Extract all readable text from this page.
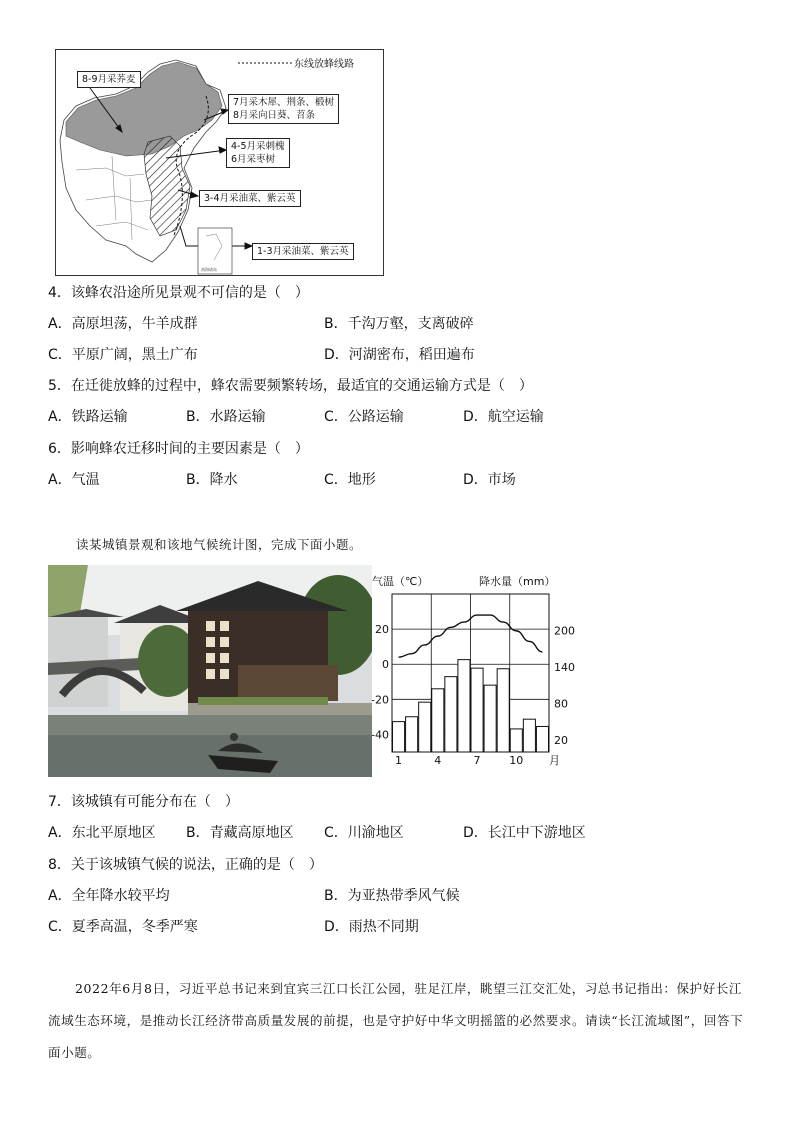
南海诸岛
东线放蜂线路
8-9月采荞麦
7月采木犀、荆条、椴树
8月采向日葵、苕条
4-5月采刺槐
6月采枣树
3-4月采油菜、紫云英
1-3月采油菜、紫云英
4．该蜂农沿途所见景观不可信的是（　）
A．高原坦荡，牛羊成群	B．千沟万壑，支离破碎
C．平原广阔，黑土广布	D．河湖密布，稻田遍布
5．在迁徙放蜂的过程中，蜂农需要频繁转场，最适宜的交通运输方式是（　）
A．铁路运输	B．水路运输	C．公路运输	D．航空运输
6．影响蜂农迁移时间的主要因素是（　）
A．气温	B．降水	C．地形	D．市场
读某城镇景观和该地气候统计图，完成下面小题。
气温（℃）	降水量（mm）
20
0
-20
-40
200
140
80
20
1	4	7	10 月
7．该城镇有可能分布在（　）
A．东北平原地区 B．青藏高原地区 C．川渝地区	D．长江中下游地区
8．关于该城镇气候的说法，正确的是（　）
A．全年降水较平均	B．为亚热带季风气候
C．夏季高温，冬季严寒	D．雨热不同期
2022年6月8日，习近平总书记来到宜宾三江口长江公园，驻足江岸，眺望三江交汇处，习总书记指出：保护好长江流域生态环境，是推动长江经济带高质量发展的前提，也是守护好中华文明摇篮的必然要求。请读“长江流域图”，回答下面小题。
